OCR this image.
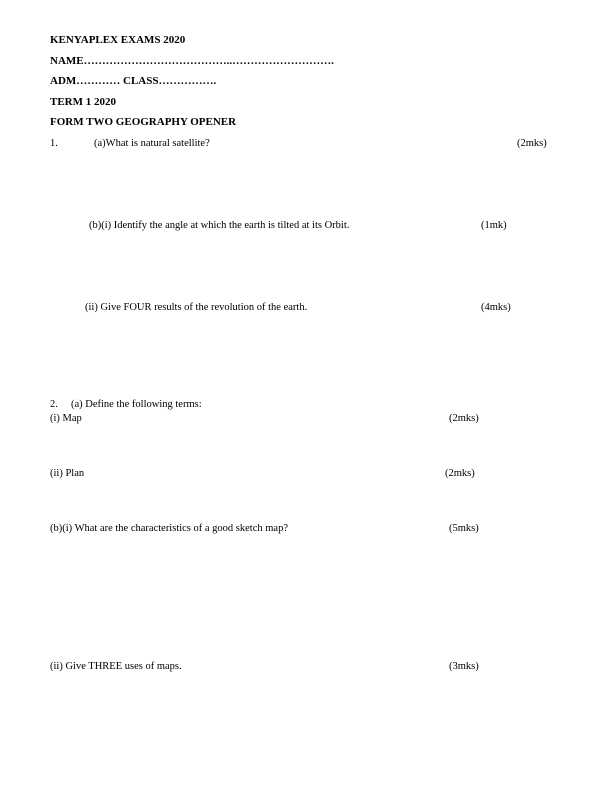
KENYAPLEX EXAMS 2020
NAME…………………………………..……………………….
ADM………… CLASS…………….
TERM 1 2020
FORM TWO GEOGRAPHY OPENER
1.	(a)What is natural satellite?	(2mks)
(b)(i) Identify the angle at which the earth is tilted at its Orbit.	(1mk)
(ii) Give FOUR results of the revolution of the earth.	(4mks)
2. (a) Define the following terms:
(i) Map	(2mks)
(ii) Plan	(2mks)
(b)(i) What are the characteristics of a good sketch map?	(5mks)
(ii) Give THREE uses of maps.	(3mks)
